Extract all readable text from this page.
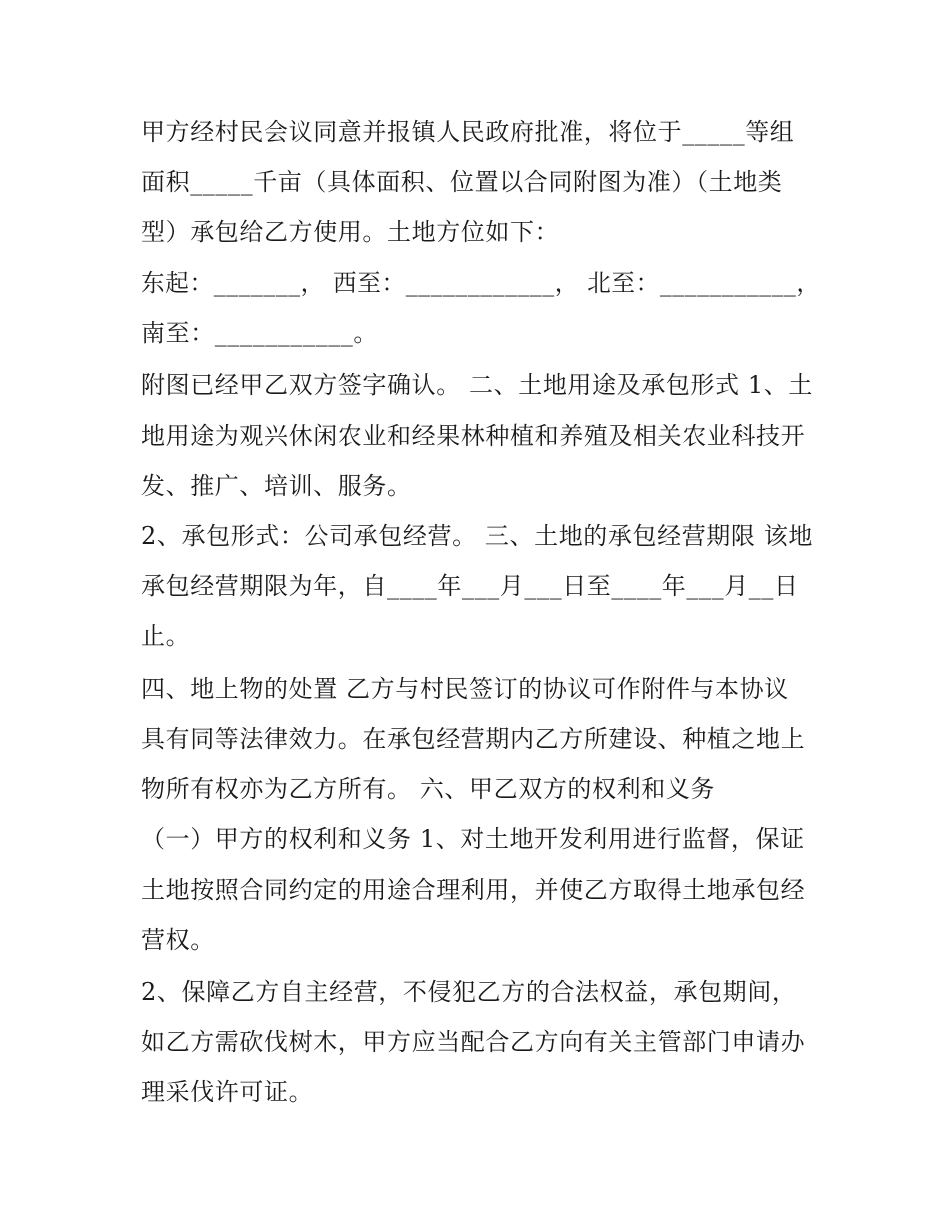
甲方经村民会议同意并报镇人民政府批准，将位于_____等组
面积_____千亩（具体面积、位置以合同附图为准）（土地类
型）承包给乙方使用。土地方位如下：
东起：_______， 西至：____________， 北至：___________，
南至：___________。
附图已经甲乙双方签字确认。 二、土地用途及承包形式 1、土
地用途为观兴休闲农业和经果林种植和养殖及相关农业科技开
发、推广、培训、服务。
2、承包形式：公司承包经营。 三、土地的承包经营期限 该地
承包经营期限为年，自____年___月___日至____年___月__日
止。
四、地上物的处置 乙方与村民签订的协议可作附件与本协议
具有同等法律效力。在承包经营期内乙方所建设、种植之地上
物所有权亦为乙方所有。 六、甲乙双方的权利和义务
（一）甲方的权利和义务 1、对土地开发利用进行监督，保证
土地按照合同约定的用途合理利用，并使乙方取得土地承包经
营权。
2、保障乙方自主经营，不侵犯乙方的合法权益，承包期间，
如乙方需砍伐树木，甲方应当配合乙方向有关主管部门申请办
理采伐许可证。
